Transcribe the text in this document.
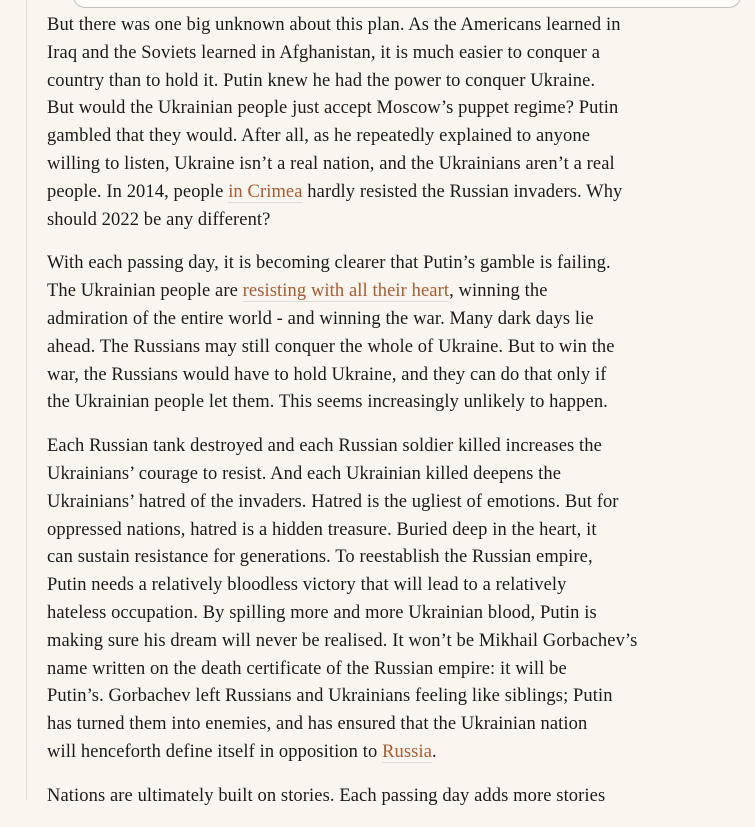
But there was one big unknown about this plan. As the Americans learned in
Iraq and the Soviets learned in Afghanistan, it is much easier to conquer a
country than to hold it. Putin knew he had the power to conquer Ukraine.
But would the Ukrainian people just accept Moscow’s puppet regime? Putin
gambled that they would. After all, as he repeatedly explained to anyone
willing to listen, Ukraine isn’t a real nation, and the Ukrainians aren’t a real
people. In 2014, people in Crimea hardly resisted the Russian invaders. Why
should 2022 be any different?

With each passing day, it is becoming clearer that Putin’s gamble is failing.
The Ukrainian people are resisting with all their heart, winning the
admiration of the entire world - and winning the war. Many dark days lie
ahead. The Russians may still conquer the whole of Ukraine. But to win the
war, the Russians would have to hold Ukraine, and they can do that only if
the Ukrainian people let them. This seems increasingly unlikely to happen.

Each Russian tank destroyed and each Russian soldier killed increases the
Ukrainians’ courage to resist. And each Ukrainian killed deepens the
Ukrainians’ hatred of the invaders. Hatred is the ugliest of emotions. But for
oppressed nations, hatred is a hidden treasure. Buried deep in the heart, it
can sustain resistance for generations. To reestablish the Russian empire,
Putin needs a relatively bloodless victory that will lead to a relatively
hateless occupation. By spilling more and more Ukrainian blood, Putin is
making sure his dream will never be realised. It won’t be Mikhail Gorbachev’s
name written on the death certificate of the Russian empire: it will be
Putin’s. Gorbachev left Russians and Ukrainians feeling like siblings; Putin
has turned them into enemies, and has ensured that the Ukrainian nation
will henceforth define itself in opposition to Russia.

Nations are ultimately built on stories. Each passing day adds more stories
